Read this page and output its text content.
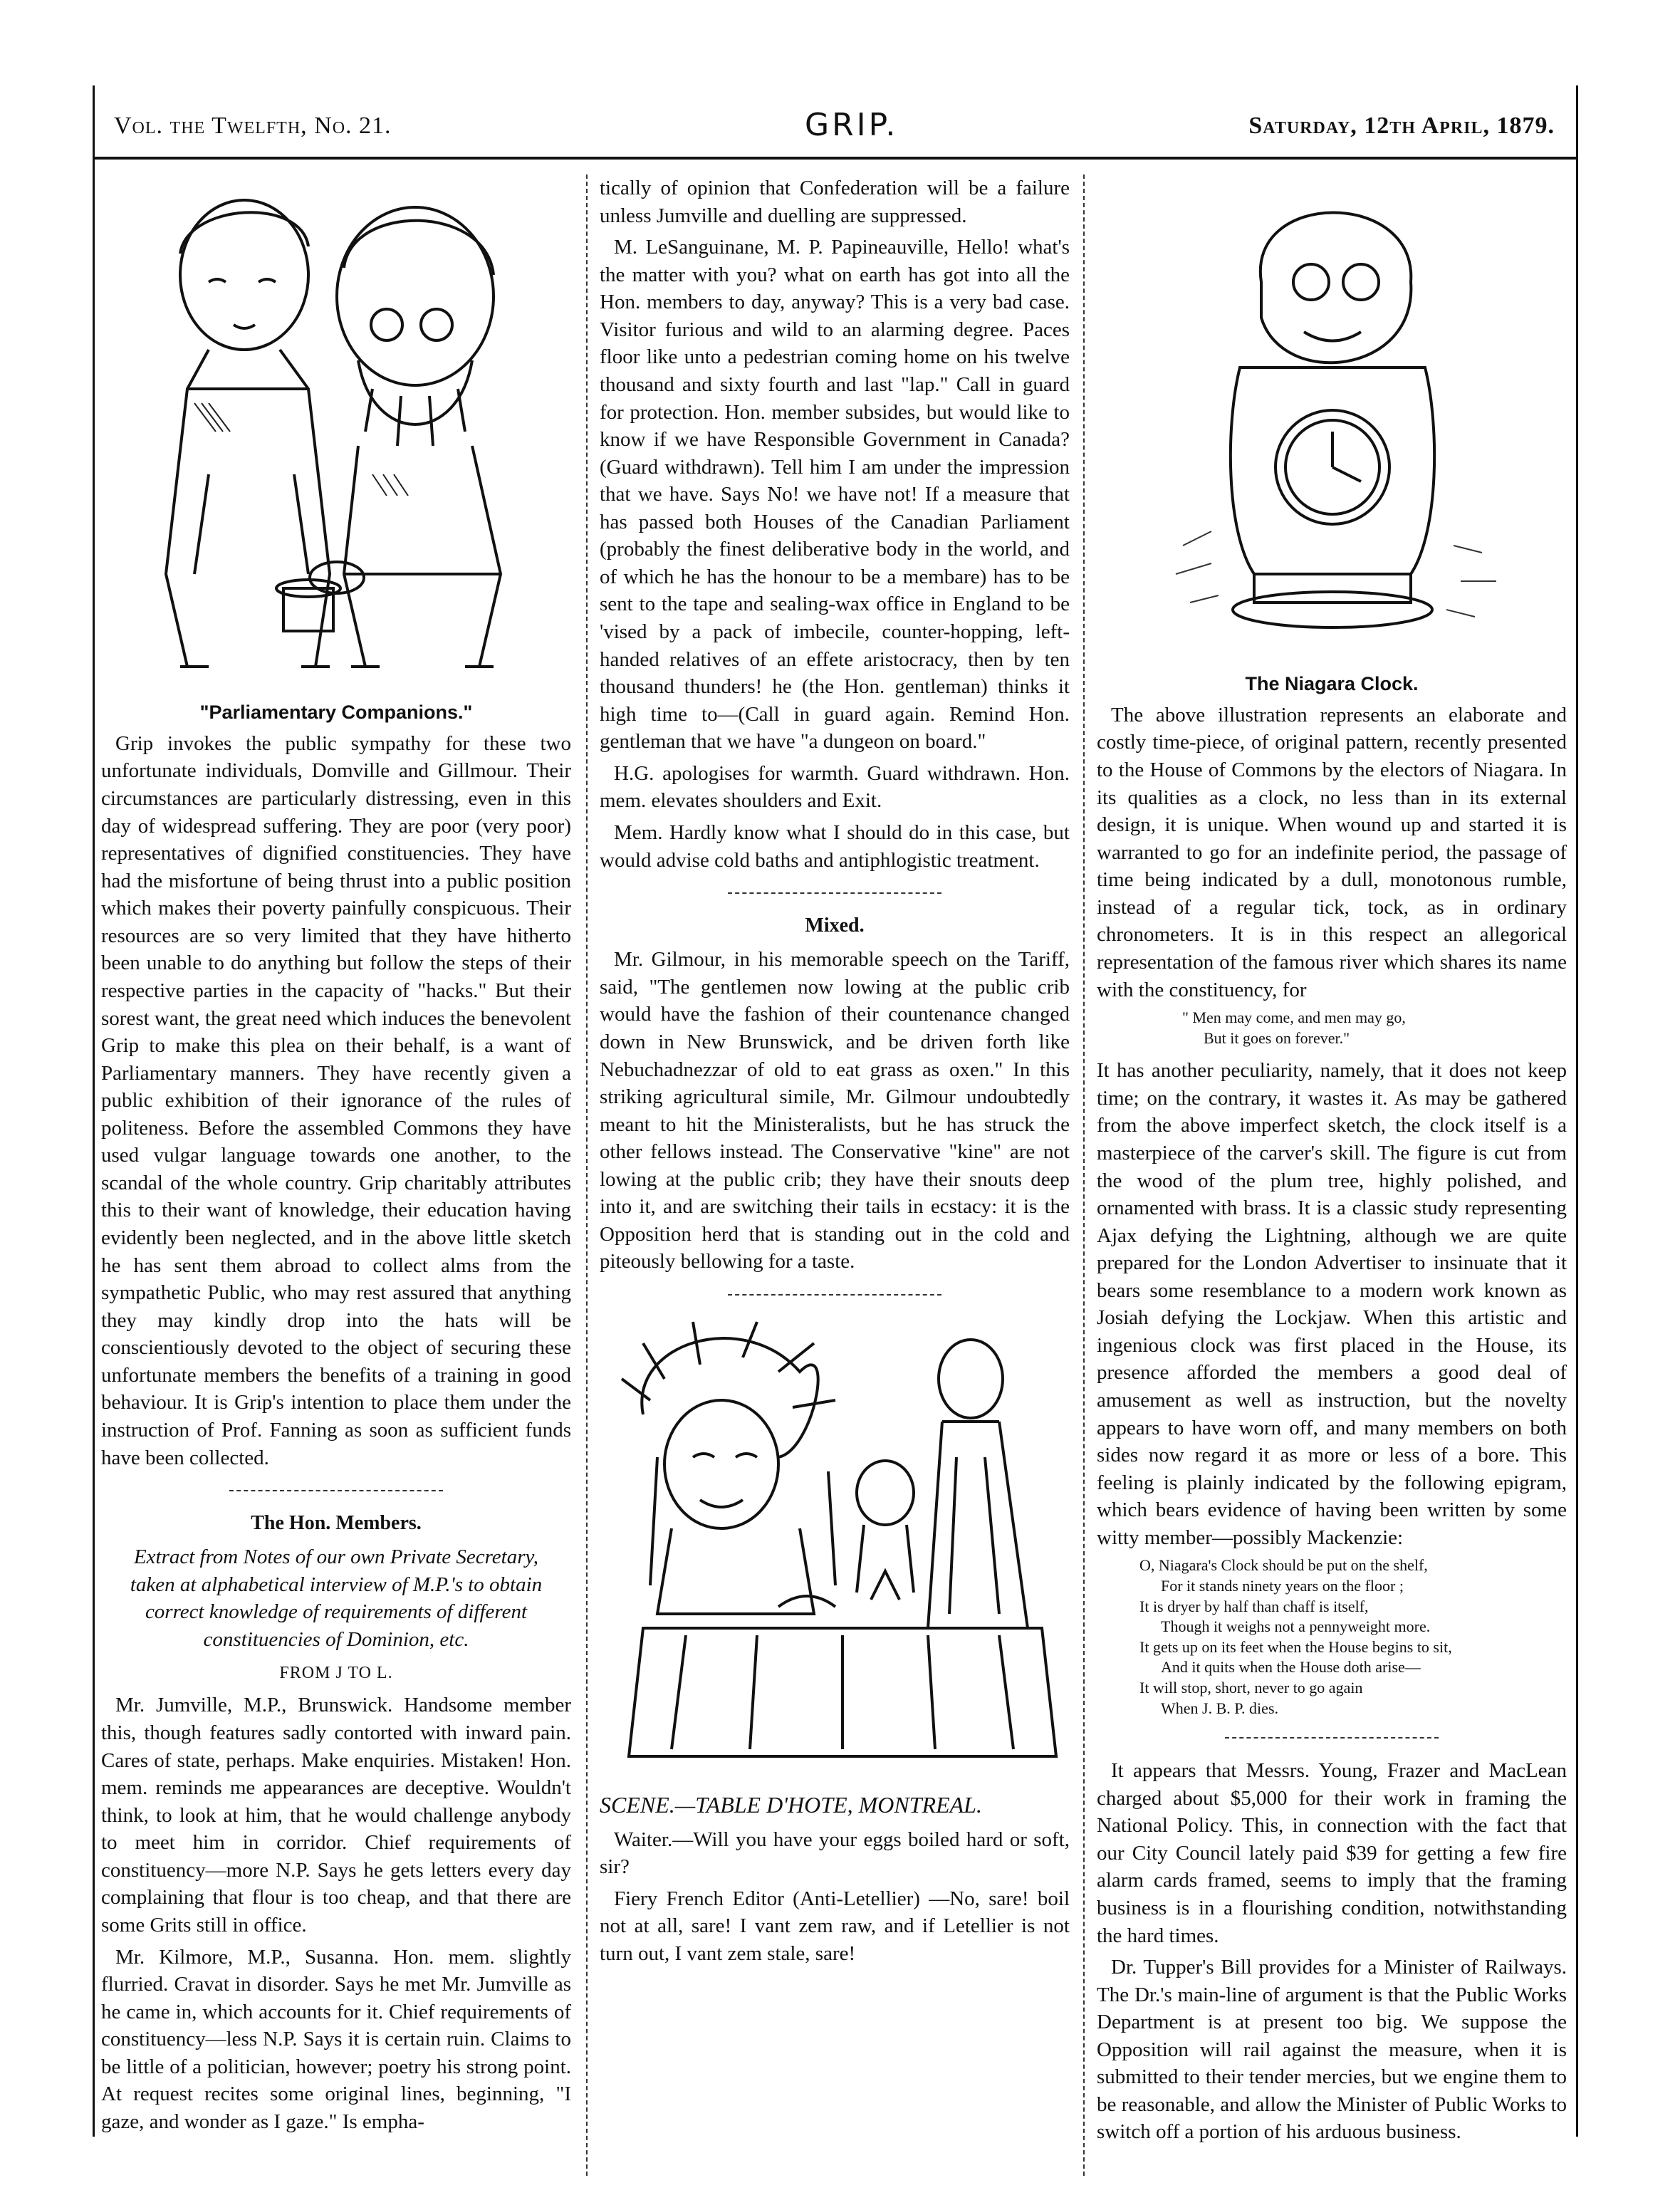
Vol. the Twelfth, No. 21.	GRIP.	Saturday, 12th April, 1879.

"Parliamentary Companions."

Grip invokes the public sympathy for these two unfortunate individuals, Domville and Gillmour. Their circumstances are particularly distressing, even in this day of widespread suffering. They are poor (very poor) representatives of dignified constituencies. They have had the misfortune of being thrust into a public position which makes their poverty painfully conspicuous. Their resources are so very limited that they have hitherto been unable to do anything but follow the steps of their respective parties in the capacity of "hacks." But their sorest want, the great need which induces the benevolent Grip to make this plea on their behalf, is a want of Parliamentary manners. They have recently given a public exhibition of their ignorance of the rules of politeness. Before the assembled Commons they have used vulgar language towards one another, to the scandal of the whole country. Grip charitably attributes this to their want of knowledge, their education having evidently been neglected, and in the above little sketch he has sent them abroad to collect alms from the sympathetic Public, who may rest assured that anything they may kindly drop into the hats will be conscientiously devoted to the object of securing these unfortunate members the benefits of a training in good behaviour. It is Grip's intention to place them under the instruction of Prof. Fanning as soon as sufficient funds have been collected.

The Hon. Members.

Extract from Notes of our own Private Secretary, taken at alphabetical interview of M.P.'s to obtain correct knowledge of requirements of different constituencies of Dominion, etc.

FROM J TO L.

Mr. Jumville, M.P., Brunswick. Handsome member this, though features sadly contorted with inward pain. Cares of state, perhaps. Make enquiries. Mistaken! Hon. mem. reminds me appearances are deceptive. Wouldn't think, to look at him, that he would challenge anybody to meet him in corridor. Chief requirements of constituency—more N.P. Says he gets letters every day complaining that flour is too cheap, and that there are some Grits still in office.

Mr. Kilmore, M.P., Susanna. Hon. mem. slightly flurried. Cravat in disorder. Says he met Mr. Jumville as he came in, which accounts for it. Chief requirements of constituency—less N.P. Says it is certain ruin. Claims to be little of a politician, however; poetry his strong point. At request recites some original lines, beginning, "I gaze, and wonder as I gaze." Is empha-

tically of opinion that Confederation will be a failure unless Jumville and duelling are suppressed.

M. LeSanguinane, M. P. Papineauville, Hello! what's the matter with you? what on earth has got into all the Hon. members to day, anyway? This is a very bad case. Visitor furious and wild to an alarming degree. Paces floor like unto a pedestrian coming home on his twelve thousand and sixty fourth and last "lap." Call in guard for protection. Hon. member subsides, but would like to know if we have Responsible Government in Canada? (Guard withdrawn). Tell him I am under the impression that we have. Says No! we have not! If a measure that has passed both Houses of the Canadian Parliament (probably the finest deliberative body in the world, and of which he has the honour to be a membare) has to be sent to the tape and sealing-wax office in England to be 'vised by a pack of imbecile, counter-hopping, left-handed relatives of an effete aristocracy, then by ten thousand thunders! he (the Hon. gentleman) thinks it high time to—(Call in guard again. Remind Hon. gentleman that we have "a dungeon on board."

H.G. apologises for warmth. Guard withdrawn. Hon. mem. elevates shoulders and Exit.

Mem. Hardly know what I should do in this case, but would advise cold baths and antiphlogistic treatment.

Mixed.

Mr. Gilmour, in his memorable speech on the Tariff, said, "The gentlemen now lowing at the public crib would have the fashion of their countenance changed down in New Brunswick, and be driven forth like Nebuchadnezzar of old to eat grass as oxen." In this striking agricultural simile, Mr. Gilmour undoubtedly meant to hit the Ministeralists, but he has struck the other fellows instead. The Conservative "kine" are not lowing at the public crib; they have their snouts deep into it, and are switching their tails in ecstacy: it is the Opposition herd that is standing out in the cold and piteously bellowing for a taste.

SCENE.—TABLE D'HOTE, MONTREAL.

Waiter.—Will you have your eggs boiled hard or soft, sir?

Fiery French Editor (Anti-Letellier) —No, sare! boil not at all, sare! I vant zem raw, and if Letellier is not turn out, I vant zem stale, sare!

The Niagara Clock.

The above illustration represents an elaborate and costly time-piece, of original pattern, recently presented to the House of Commons by the electors of Niagara. In its qualities as a clock, no less than in its external design, it is unique. When wound up and started it is warranted to go for an indefinite period, the passage of time being indicated by a dull, monotonous rumble, instead of a regular tick, tock, as in ordinary chronometers. It is in this respect an allegorical representation of the famous river which shares its name with the constituency, for

" Men may come, and men may go,
But it goes on forever."

It has another peculiarity, namely, that it does not keep time; on the contrary, it wastes it. As may be gathered from the above imperfect sketch, the clock itself is a masterpiece of the carver's skill. The figure is cut from the wood of the plum tree, highly polished, and ornamented with brass. It is a classic study representing Ajax defying the Lightning, although we are quite prepared for the London Advertiser to insinuate that it bears some resemblance to a modern work known as Josiah defying the Lockjaw. When this artistic and ingenious clock was first placed in the House, its presence afforded the members a good deal of amusement as well as instruction, but the novelty appears to have worn off, and many members on both sides now regard it as more or less of a bore. This feeling is plainly indicated by the following epigram, which bears evidence of having been written by some witty member—possibly Mackenzie:

O, Niagara's Clock should be put on the shelf,
For it stands ninety years on the floor ;
It is dryer by half than chaff is itself,
Though it weighs not a pennyweight more.
It gets up on its feet when the House begins to sit,
And it quits when the House doth arise—
It will stop, short, never to go again
When J. B. P. dies.

It appears that Messrs. Young, Frazer and MacLean charged about $5,000 for their work in framing the National Policy. This, in connection with the fact that our City Council lately paid $39 for getting a few fire alarm cards framed, seems to imply that the framing business is in a flourishing condition, notwithstanding the hard times.

Dr. Tupper's Bill provides for a Minister of Railways. The Dr.'s main-line of argument is that the Public Works Department is at present too big. We suppose the Opposition will rail against the measure, when it is submitted to their tender mercies, but we engine them to be reasonable, and allow the Minister of Public Works to switch off a portion of his arduous business.
